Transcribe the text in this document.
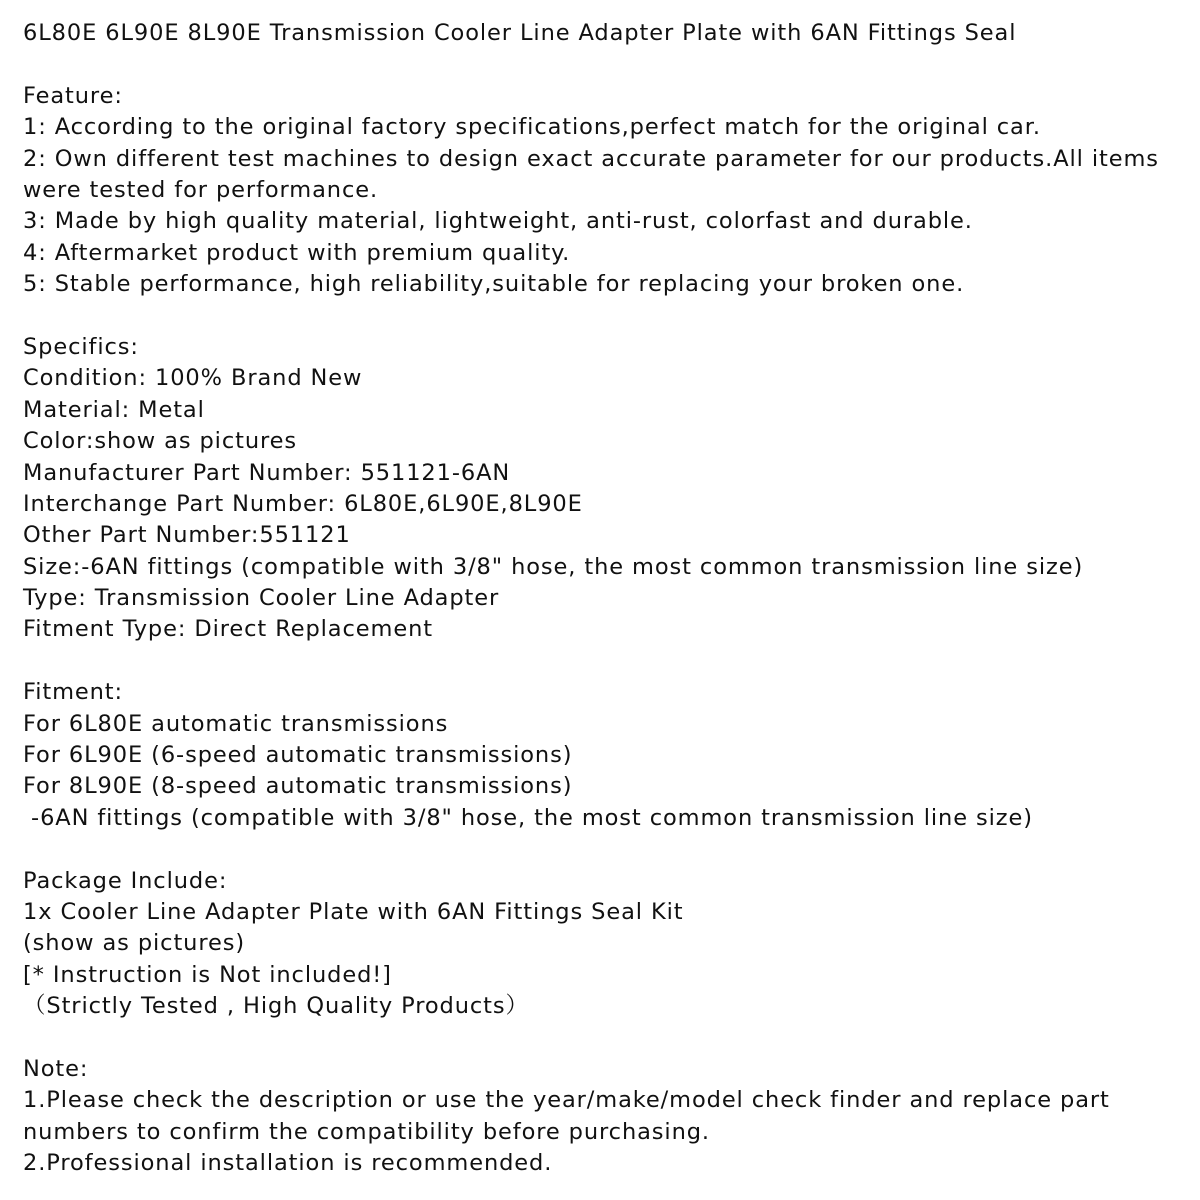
6L80E 6L90E 8L90E Transmission Cooler Line Adapter Plate with 6AN Fittings Seal
Feature:
1: According to the original factory specifications,perfect match for the original car.
2: Own different test machines to design exact accurate parameter for our products.All items were tested for performance.
3: Made by high quality material, lightweight, anti-rust, colorfast and durable.
4: Aftermarket product with premium quality.
5: Stable performance, high reliability,suitable for replacing your broken one.
Specifics:
Condition: 100% Brand New
Material: Metal
Color:show as pictures
Manufacturer Part Number: 551121-6AN
Interchange Part Number: 6L80E,6L90E,8L90E
Other Part Number:551121
Size:-6AN fittings (compatible with 3/8" hose, the most common transmission line size)
Type: Transmission Cooler Line Adapter
Fitment Type: Direct Replacement
Fitment:
For 6L80E automatic transmissions
For 6L90E (6-speed automatic transmissions)
For 8L90E (8-speed automatic transmissions)
-6AN fittings (compatible with 3/8" hose, the most common transmission line size)
Package Include:
1x Cooler Line Adapter Plate with 6AN Fittings Seal Kit
(show as pictures)
[* Instruction is Not included!]
（Strictly Tested , High Quality Products）
Note:
1.Please check the description or use the year/make/model check finder and replace part numbers to confirm the compatibility before purchasing.
2.Professional installation is recommended.
